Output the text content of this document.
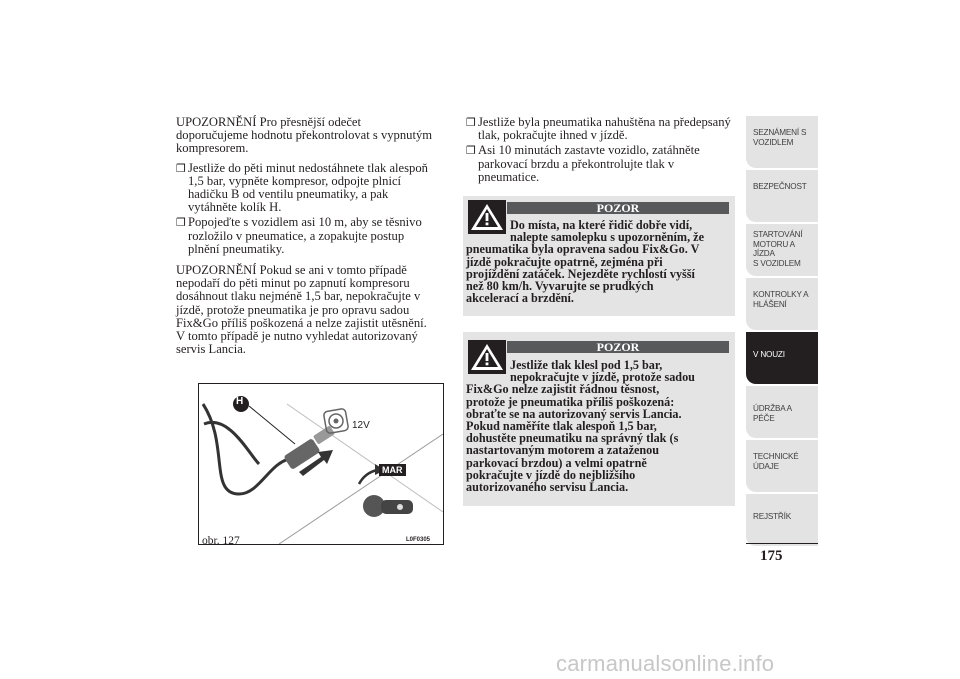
UPOZORNĚNÍ Pro přesnější odečet doporučujeme hodnotu překontrolovat s vypnutým kompresorem.

❒ Jestliže do pěti minut nedostáhnete tlak alespoň 1,5 bar, vypněte kompresor, odpojte plnicí hadičku B od ventilu pneumatiky, a pak vytáhněte kolík H.
❒ Popojeďte s vozidlem asi 10 m, aby se těsnivo rozložilo v pneumatice, a zopakujte postup plnění pneumatiky.

UPOZORNĚNÍ Pokud se ani v tomto případě nepodaří do pěti minut po zapnutí kompresoru dosáhnout tlaku nejméně 1,5 bar, nepokračujte v jízdě, protože pneumatika je pro opravu sadou Fix&Go příliš poškozená a nelze zajistit utěsnění. V tomto případě je nutno vyhledat autorizovaný servis Lancia.

H
12V
MAR
obr. 127	L0F0305
❒ Jestliže byla pneumatika nahuštěna na předepsaný tlak, pokračujte ihned v jízdě.
❒ Asi 10 minutách zastavte vozidlo, zatáhněte parkovací brzdu a překontrolujte tlak v pneumatice.
POZOR
Do místa, na které řidič dobře vidí,
nalepte samolepku s upozorněním, že
pneumatika byla opravena sadou Fix&Go. V
jízdě pokračujte opatrně, zejména při
projíždění zatáček. Nejezděte rychlostí vyšší
než 80 km/h. Vyvarujte se prudkých
akcelerací a brzdění.
POZOR
Jestliže tlak klesl pod 1,5 bar,
nepokračujte v jízdě, protože sadou
Fix&Go nelze zajistit řádnou těsnost,
protože je pneumatika příliš poškozená:
obraťte se na autorizovaný servis Lancia.
Pokud naměříte tlak alespoň 1,5 bar,
dohustěte pneumatiku na správný tlak (s
nastartovaným motorem a zataženou
parkovací brzdou) a velmi opatrně
pokračujte v jízdě do nejbližšího
autorizovaného servisu Lancia.
SEZNÁMENÍ S
VOZIDLEM
BEZPEČNOST
STARTOVÁNÍ
MOTORU A JÍZDA
S VOZIDLEM
KONTROLKY A
HLÁŠENÍ
V NOUZI
ÚDRŽBA A PÉČE
TECHNICKÉ
ÚDAJE
REJSTŘÍK
175
carmanualsonline.info
